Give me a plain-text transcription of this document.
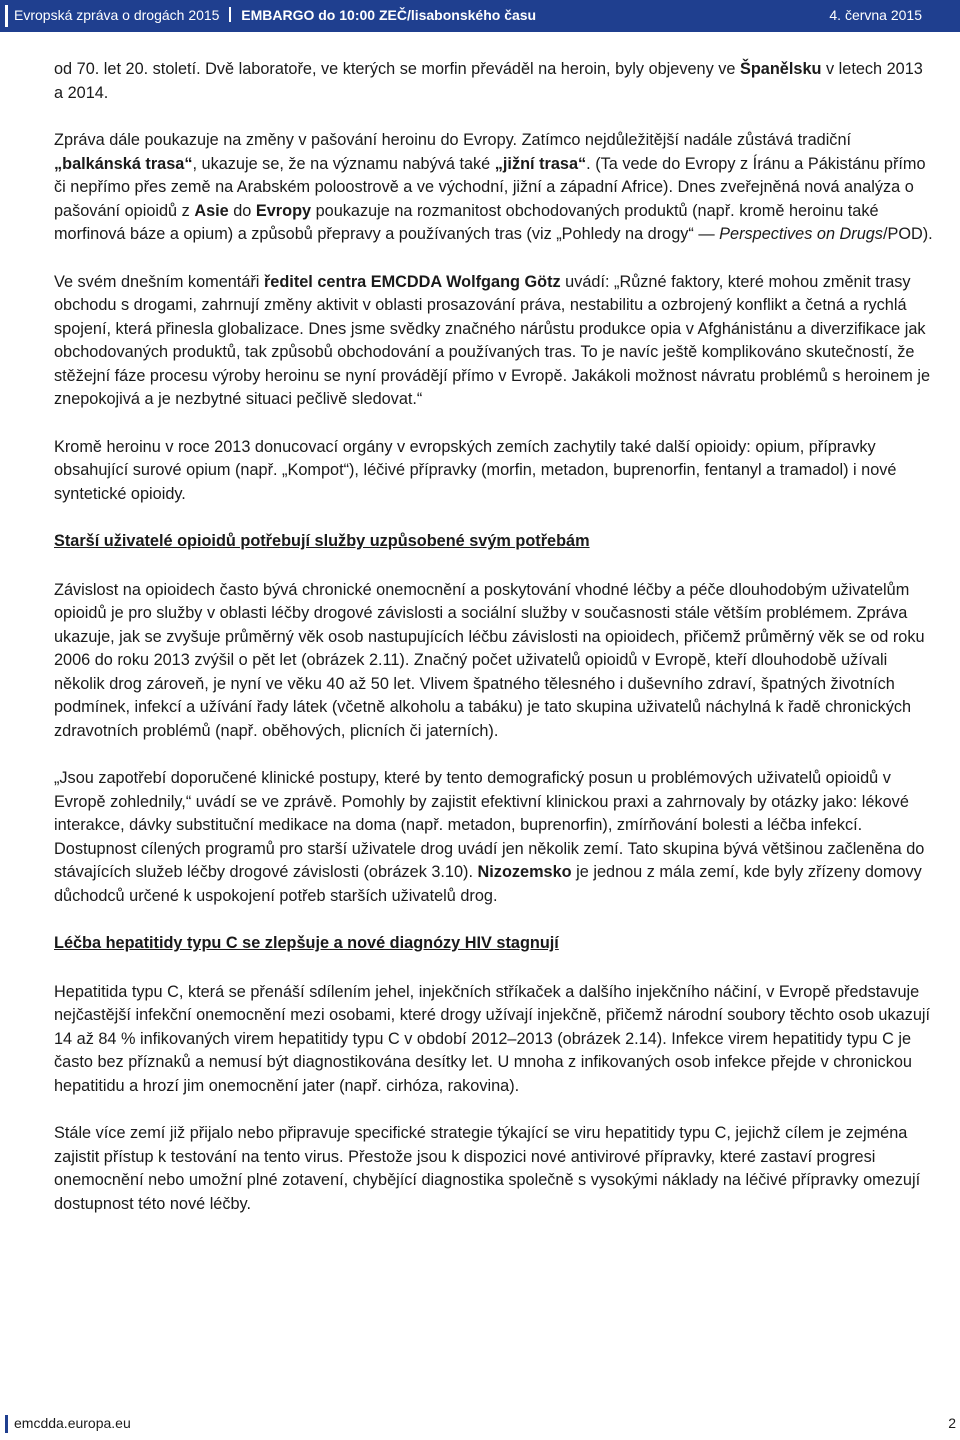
Evropská zpráva o drogách 2015 EMBARGO do 10:00 ZEČ/lisabonského času	4. června 2015

od 70. let 20. století. Dvě laboratoře, ve kterých se morfin převáděl na heroin, byly objeveny ve Španělsku v letech 2013 a 2014.

Zpráva dále poukazuje na změny v pašování heroinu do Evropy. Zatímco nejdůležitější nadále zůstává tradiční „balkánská trasa“, ukazuje se, že na významu nabývá také „jižní trasa“. (Ta vede do Evropy z Íránu a Pákistánu přímo či nepřímo přes země na Arabském poloostrově a ve východní, jižní a západní Africe). Dnes zveřejněná nová analýza o pašování opioidů z Asie do Evropy poukazuje na rozmanitost obchodovaných produktů (např. kromě heroinu také morfinová báze a opium) a způsobů přepravy a používaných tras (viz „Pohledy na drogy“ — Perspectives on Drugs/POD).

Ve svém dnešním komentáři ředitel centra EMCDDA Wolfgang Götz uvádí: „Různé faktory, které mohou změnit trasy obchodu s drogami, zahrnují změny aktivit v oblasti prosazování práva, nestabilitu a ozbrojený konflikt a četná a rychlá spojení, která přinesla globalizace. Dnes jsme svědky značného nárůstu produkce opia v Afghánistánu a diverzifikace jak obchodovaných produktů, tak způsobů obchodování a používaných tras. To je navíc ještě komplikováno skutečností, že stěžejní fáze procesu výroby heroinu se nyní provádějí přímo v Evropě. Jakákoli možnost návratu problémů s heroinem je znepokojivá a je nezbytné situaci pečlivě sledovat.“

Kromě heroinu v roce 2013 donucovací orgány v evropských zemích zachytily také další opioidy: opium, přípravky obsahující surové opium (např. „Kompot“), léčivé přípravky (morfin, metadon, buprenorfin, fentanyl a tramadol) i nové syntetické opioidy.

Starší uživatelé opioidů potřebují služby uzpůsobené svým potřebám

Závislost na opioidech často bývá chronické onemocnění a poskytování vhodné léčby a péče dlouhodobým uživatelům opioidů je pro služby v oblasti léčby drogové závislosti a sociální služby v současnosti stále větším problémem. Zpráva ukazuje, jak se zvyšuje průměrný věk osob nastupujících léčbu závislosti na opioidech, přičemž průměrný věk se od roku 2006 do roku 2013 zvýšil o pět let (obrázek 2.11). Značný počet uživatelů opioidů v Evropě, kteří dlouhodobě užívali několik drog zároveň, je nyní ve věku 40 až 50 let. Vlivem špatného tělesného i duševního zdraví, špatných životních podmínek, infekcí a užívání řady látek (včetně alkoholu a tabáku) je tato skupina uživatelů náchylná k řadě chronických zdravotních problémů (např. oběhových, plicních či jaterních).

„Jsou zapotřebí doporučené klinické postupy, které by tento demografický posun u problémových uživatelů opioidů v Evropě zohlednily,“ uvádí se ve zprávě. Pomohly by zajistit efektivní klinickou praxi a zahrnovaly by otázky jako: lékové interakce, dávky substituční medikace na doma (např. metadon, buprenorfin), zmírňování bolesti a léčba infekcí. Dostupnost cílených programů pro starší uživatele drog uvádí jen několik zemí. Tato skupina bývá většinou začleněna do stávajících služeb léčby drogové závislosti (obrázek 3.10). Nizozemsko je jednou z mála zemí, kde byly zřízeny domovy důchodců určené k uspokojení potřeb starších uživatelů drog.

Léčba hepatitidy typu C se zlepšuje a nové diagnózy HIV stagnují

Hepatitida typu C, která se přenáší sdílením jehel, injekčních stříkaček a dalšího injekčního náčiní, v Evropě představuje nejčastější infekční onemocnění mezi osobami, které drogy užívají injekčně, přičemž národní soubory těchto osob ukazují 14 až 84 % infikovaných virem hepatitidy typu C v období 2012–2013 (obrázek 2.14). Infekce virem hepatitidy typu C je často bez příznaků a nemusí být diagnostikována desítky let. U mnoha z infikovaných osob infekce přejde v chronickou hepatitidu a hrozí jim onemocnění jater (např. cirhóza, rakovina).

Stále více zemí již přijalo nebo připravuje specifické strategie týkající se viru hepatitidy typu C, jejichž cílem je zejména zajistit přístup k testování na tento virus. Přestože jsou k dispozici nové antivirové přípravky, které zastaví progresi onemocnění nebo umožní plné zotavení, chybějící diagnostika společně s vysokými náklady na léčivé přípravky omezují dostupnost této nové léčby.

emcdda.europa.eu	2
